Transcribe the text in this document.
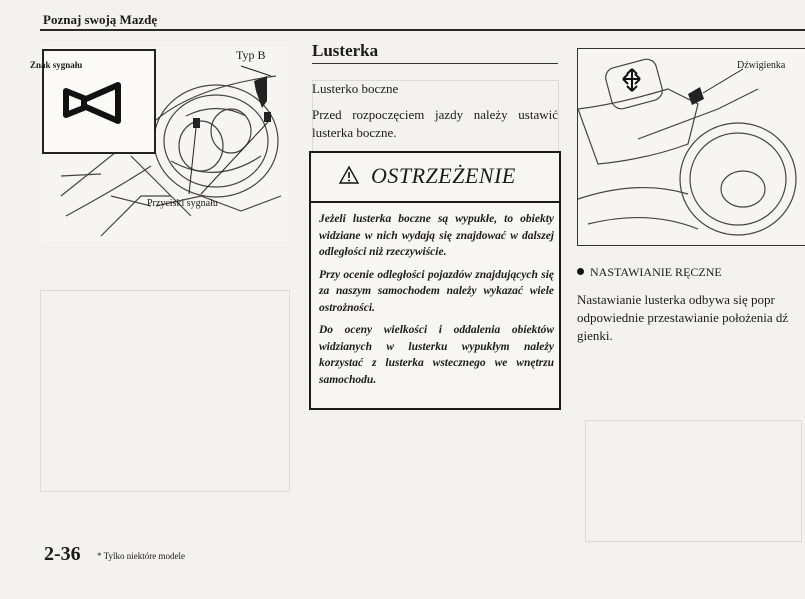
Poznaj swoją Mazdę
Znak sygnału
Typ B
Przyciski sygnału
Lusterka
Lusterko boczne
Przed rozpoczęciem jazdy należy ustawić lusterka boczne.
OSTRZEŻENIE

Jeżeli lusterka boczne są wypukłe, to obiekty widziane w nich wydają się znajdować w dalszej odległości niż rzeczywiście.

Przy ocenie odległości pojazdów znajdujących się za naszym samochodem należy wykazać wiele ostrożności.

Do oceny wielkości i oddalenia obiektów widzianych w lusterku wypukłym należy korzystać z lusterka wstecznego we wnętrzu samochodu.

Dźwigienka
NASTAWIANIE RĘCZNE
Nastawianie lusterka odbywa się popr
odpowiednie przestawianie położenia dź
gienki.
2-36 * Tylko niektóre modele
